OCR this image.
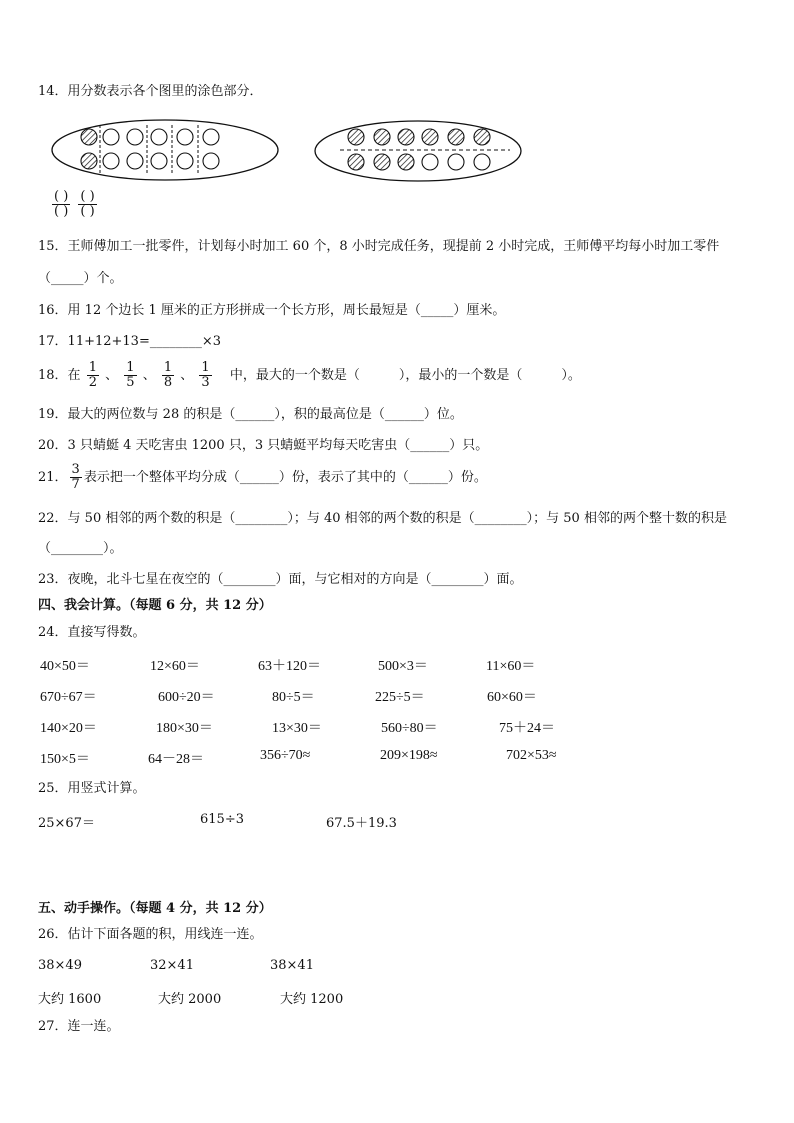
14．用分数表示各个图里的涂色部分．
$\frac{( )}{( )}$
$\frac{( )}{( )}$
15．王师傅加工一批零件，计划每小时加工 60 个，8 小时完成任务，现提前 2 小时完成，王师傅平均每小时加工零件
（_____）个。
16．用 12 个边长 1 厘米的正方形拼成一个长方形，周长最短是（_____）厘米。
17．11+12+13=________×3
18．在 $\frac{1}{2}$ 、 $\frac{1}{5}$ 、 $\frac{1}{8}$ 、 $\frac{1}{3}$ 中，最大的一个数是（　　　），最小的一个数是（　　　）。
19．最大的两位数与 28 的积是（______），积的最高位是（______）位。
20．3 只蜻蜓 4 天吃害虫 1200 只，3 只蜻蜓平均每天吃害虫（______）只。
21． $\frac{3}{7}$ 表示把一个整体平均分成（______）份，表示了其中的（______）份。
22．与 50 相邻的两个数的积是（________）；与 40 相邻的两个数的积是（________）；与 50 相邻的两个整十数的积是
（________）。
23．夜晚，北斗七星在夜空的（________）面，与它相对的方向是（________）面。
四、我会计算。（每题 6 分，共 12 分）
24．直接写得数。
40×50＝	12×60＝	63＋120＝	500×3＝	11×60＝
670÷67＝	600÷20＝	80÷5＝	225÷5＝	60×60＝
140×20＝	180×30＝	13×30＝	560÷80＝	75＋24＝
150×5＝	64－28＝	356÷70≈	209×198≈	702×53≈
25．用竖式计算。
25×67＝	615÷3	67.5＋19.3
五、动手操作。（每题 4 分，共 12 分）
26．估计下面各题的积，用线连一连。
38×49	32×41	38×41
大约 1600	大约 2000	大约 1200
27．连一连。
